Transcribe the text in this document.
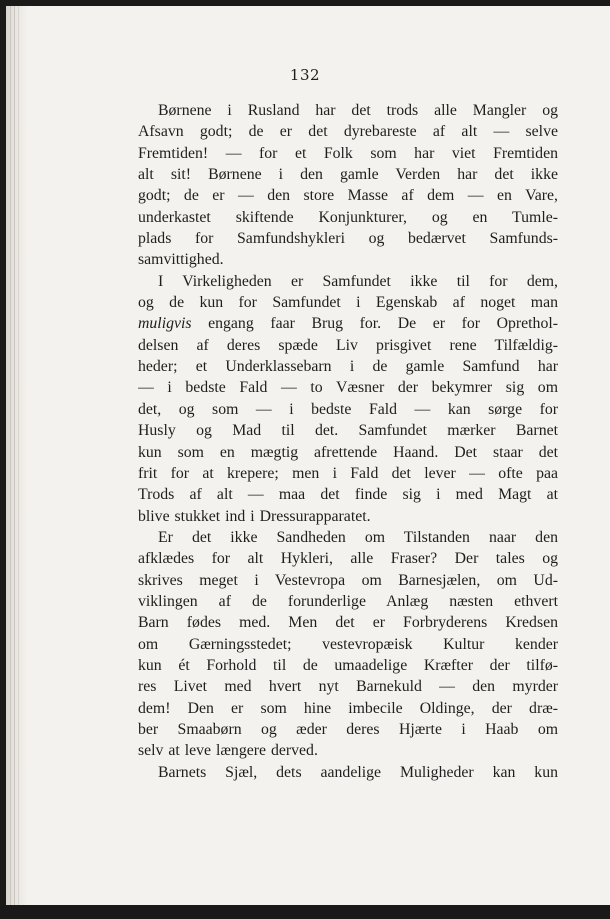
132
Børnene i Rusland har det trods alle Mangler og
Afsavn godt; de er det dyrebareste af alt — selve
Fremtiden! — for et Folk som har viet Fremtiden
alt sit! Børnene i den gamle Verden har det ikke
godt; de er — den store Masse af dem — en Vare,
underkastet skiftende Konjunkturer, og en Tumle-
plads for Samfundshykleri og bedærvet Samfunds-
samvittighed.
I Virkeligheden er Samfundet ikke til for dem,
og de kun for Samfundet i Egenskab af noget man
muligvis engang faar Brug for. De er for Oprethol-
delsen af deres spæde Liv prisgivet rene Tilfældig-
heder; et Underklassebarn i de gamle Samfund har
— i bedste Fald — to Væsner der bekymrer sig om
det, og som — i bedste Fald — kan sørge for
Husly og Mad til det. Samfundet mærker Barnet
kun som en mægtig afrettende Haand. Det staar det
frit for at krepere; men i Fald det lever — ofte paa
Trods af alt — maa det finde sig i med Magt at
blive stukket ind i Dressurapparatet.
Er det ikke Sandheden om Tilstanden naar den
afklædes for alt Hykleri, alle Fraser? Der tales og
skrives meget i Vestevropa om Barnesjælen, om Ud-
viklingen af de forunderlige Anlæg næsten ethvert
Barn fødes med. Men det er Forbryderens Kredsen
om Gærningsstedet; vestevropæisk Kultur kender
kun ét Forhold til de umaadelige Kræfter der tilfø-
res Livet med hvert nyt Barnekuld — den myrder
dem! Den er som hine imbecile Oldinge, der dræ-
ber Smaabørn og æder deres Hjærte i Haab om
selv at leve længere derved.
Barnets Sjæl, dets aandelige Muligheder kan kun
